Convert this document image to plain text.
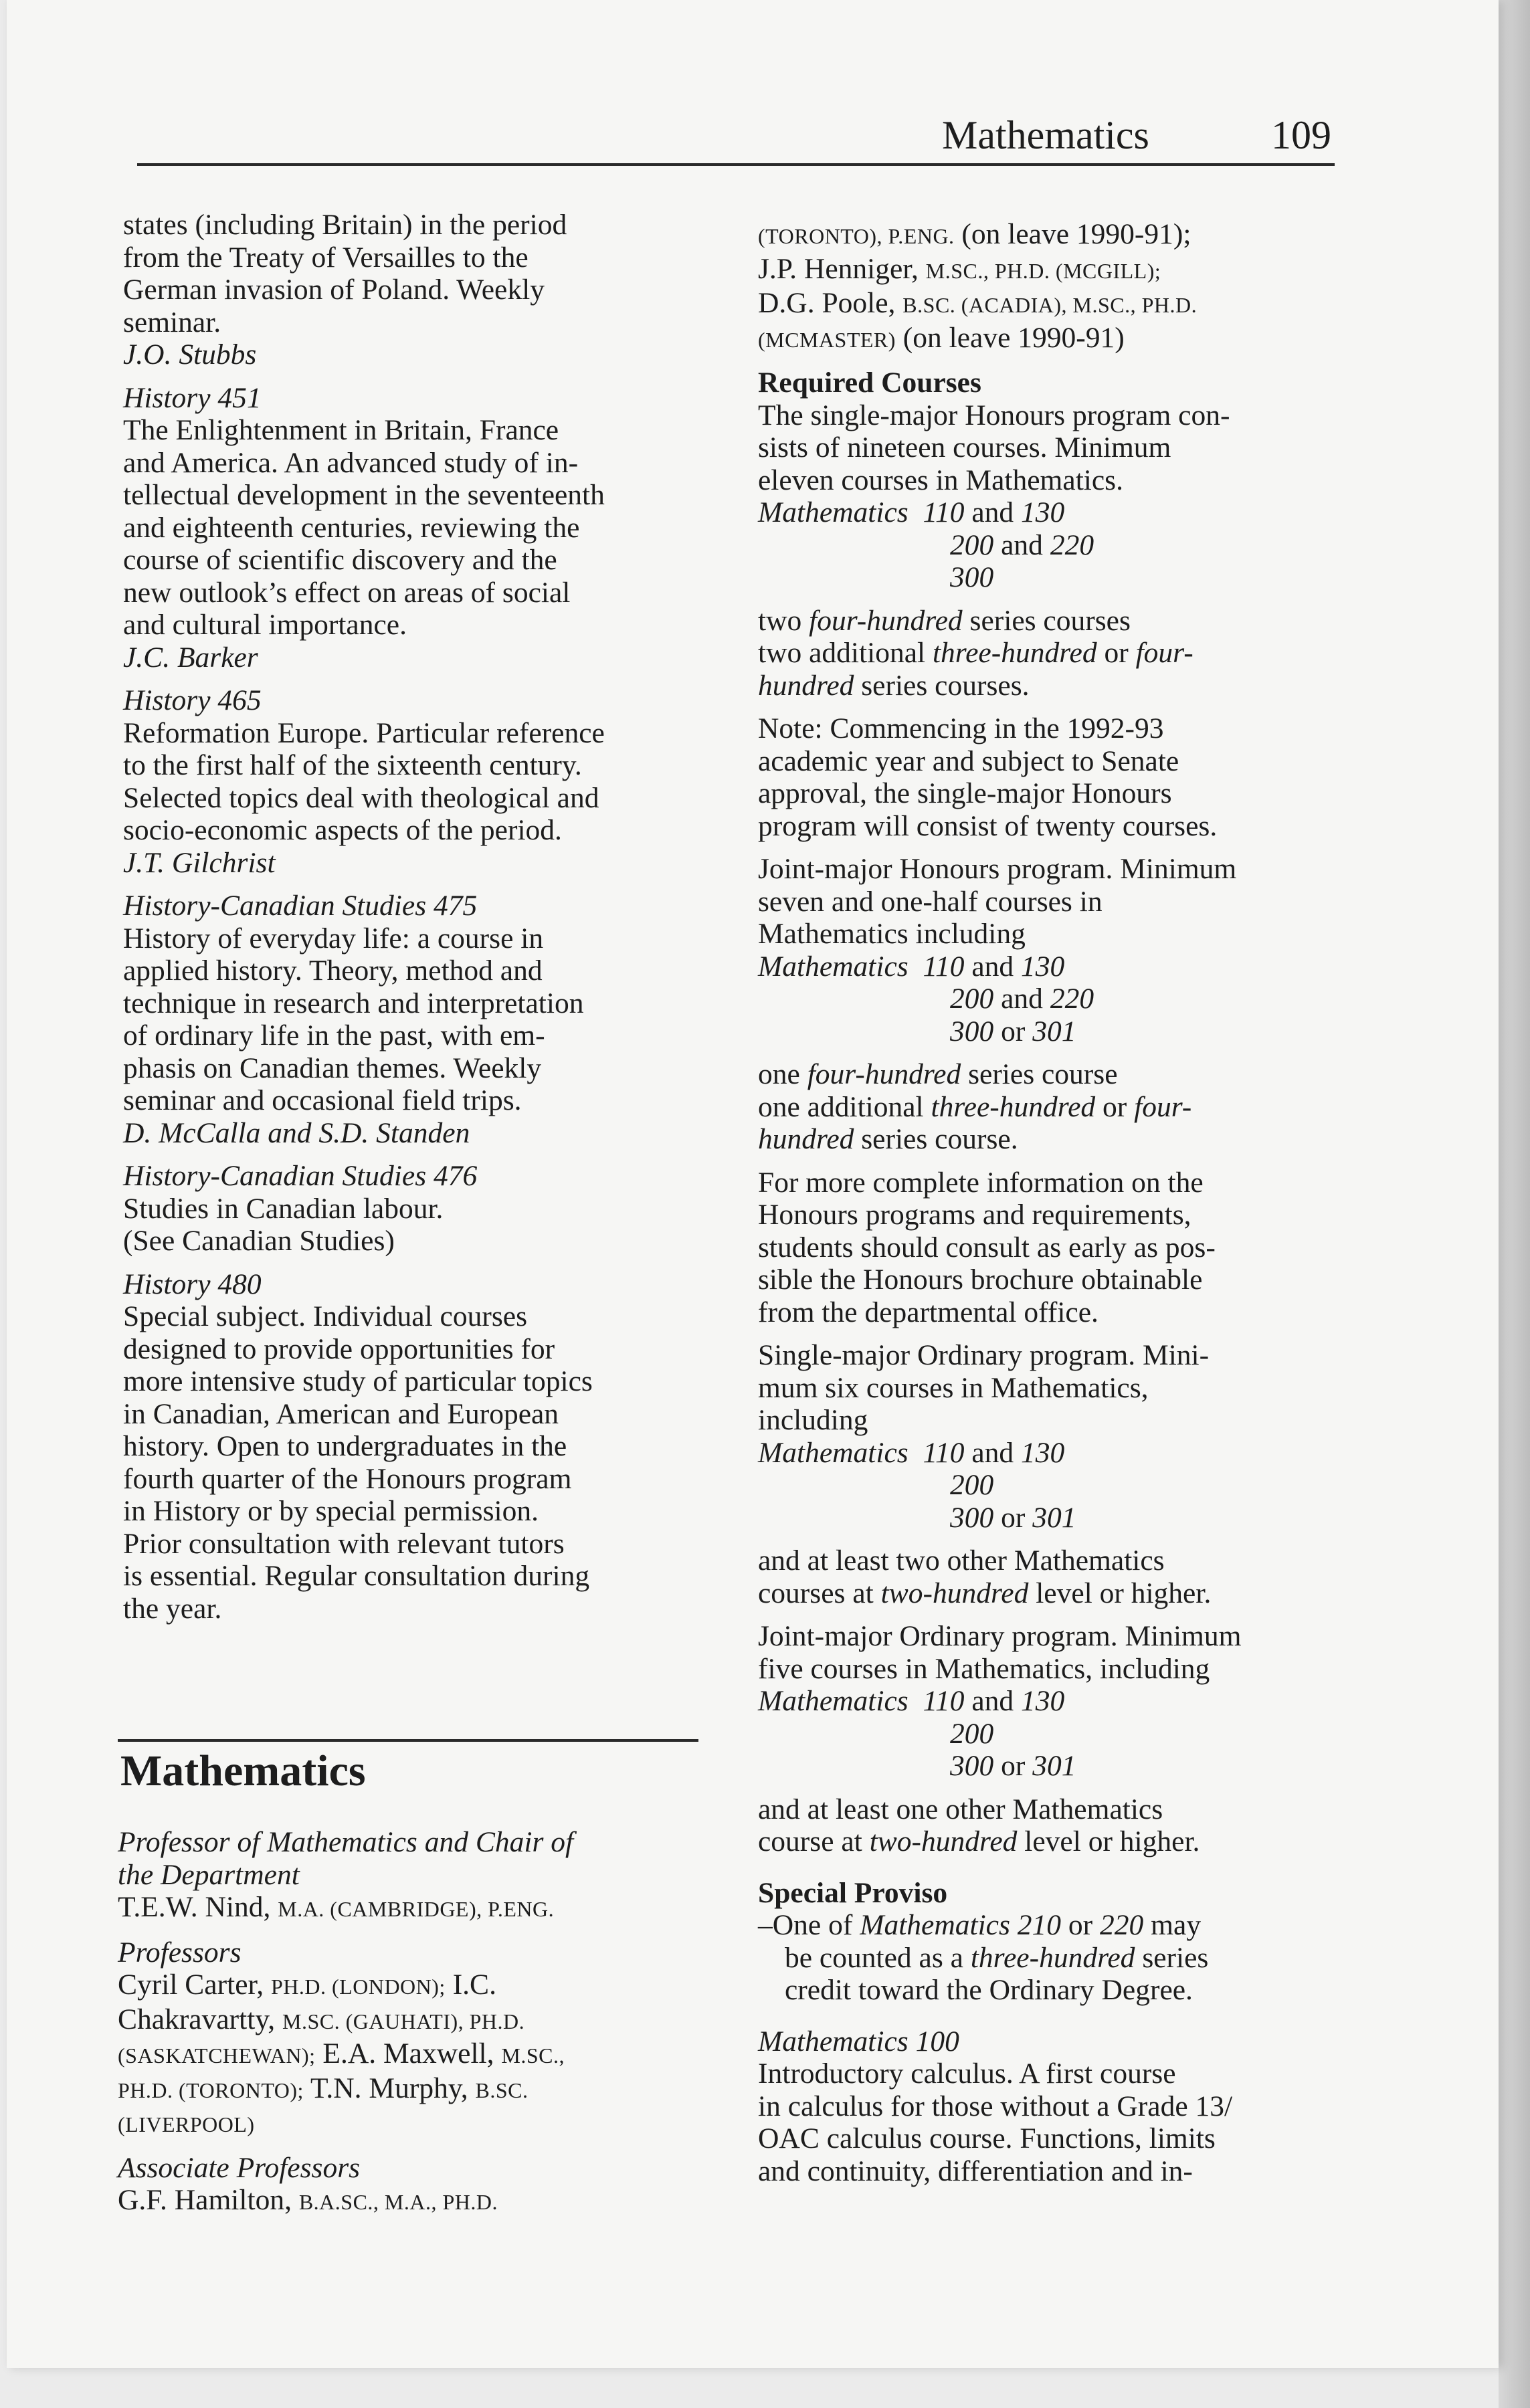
Mathematics	109

states (including Britain) in the period

from the Treaty of Versailles to the

German invasion of Poland. Weekly

seminar.

J.O. Stubbs

History 451

The Enlightenment in Britain, France

and America. An advanced study of in-

tellectual development in the seventeenth

and eighteenth centuries, reviewing the

course of scientific discovery and the

new outlook’s effect on areas of social

and cultural importance.

J.C. Barker

History 465

Reformation Europe. Particular reference

to the first half of the sixteenth century.

Selected topics deal with theological and

socio-economic aspects of the period.

J.T. Gilchrist

History-Canadian Studies 475

History of everyday life: a course in

applied history. Theory, method and

technique in research and interpretation

of ordinary life in the past, with em-

phasis on Canadian themes. Weekly

seminar and occasional field trips.

D. McCalla and S.D. Standen

History-Canadian Studies 476

Studies in Canadian labour.

(See Canadian Studies)

History 480

Special subject. Individual courses

designed to provide opportunities for

more intensive study of particular topics

in Canadian, American and European

history. Open to undergraduates in the

fourth quarter of the Honours program

in History or by special permission.

Prior consultation with relevant tutors

is essential. Regular consultation during

the year.

Mathematics

Professor of Mathematics and Chair of

the Department

T.E.W. Nind, M.A. (CAMBRIDGE), P.ENG.

Professors

Cyril Carter, PH.D. (LONDON); I.C.

Chakravartty, M.SC. (GAUHATI), PH.D.

(SASKATCHEWAN); E.A. Maxwell, M.SC.,

PH.D. (TORONTO); T.N. Murphy, B.SC.

(LIVERPOOL)

Associate Professors

G.F. Hamilton, B.A.SC., M.A., PH.D.

(TORONTO), P.ENG. (on leave 1990-91);

J.P. Henniger, M.SC., PH.D. (MCGILL);

D.G. Poole, B.SC. (ACADIA), M.SC., PH.D.

(MCMASTER) (on leave 1990-91)

Required Courses

The single-major Honours program con-

sists of nineteen courses. Minimum

eleven courses in Mathematics.

Mathematics 110 and 130

200 and 220

300

two four-hundred series courses

two additional three-hundred or four-

hundred series courses.

Note: Commencing in the 1992-93

academic year and subject to Senate

approval, the single-major Honours

program will consist of twenty courses.

Joint-major Honours program. Minimum

seven and one-half courses in

Mathematics including

Mathematics 110 and 130

200 and 220

300 or 301

one four-hundred series course

one additional three-hundred or four-

hundred series course.

For more complete information on the

Honours programs and requirements,

students should consult as early as pos-

sible the Honours brochure obtainable

from the departmental office.

Single-major Ordinary program. Mini-

mum six courses in Mathematics,

including

Mathematics 110 and 130

200

300 or 301

and at least two other Mathematics

courses at two-hundred level or higher.

Joint-major Ordinary program. Minimum

five courses in Mathematics, including

Mathematics 110 and 130

200

300 or 301

and at least one other Mathematics

course at two-hundred level or higher.

Special Proviso

–One of Mathematics 210 or 220 may

be counted as a three-hundred series

credit toward the Ordinary Degree.

Mathematics 100

Introductory calculus. A first course

in calculus for those without a Grade 13/

OAC calculus course. Functions, limits

and continuity, differentiation and in-
